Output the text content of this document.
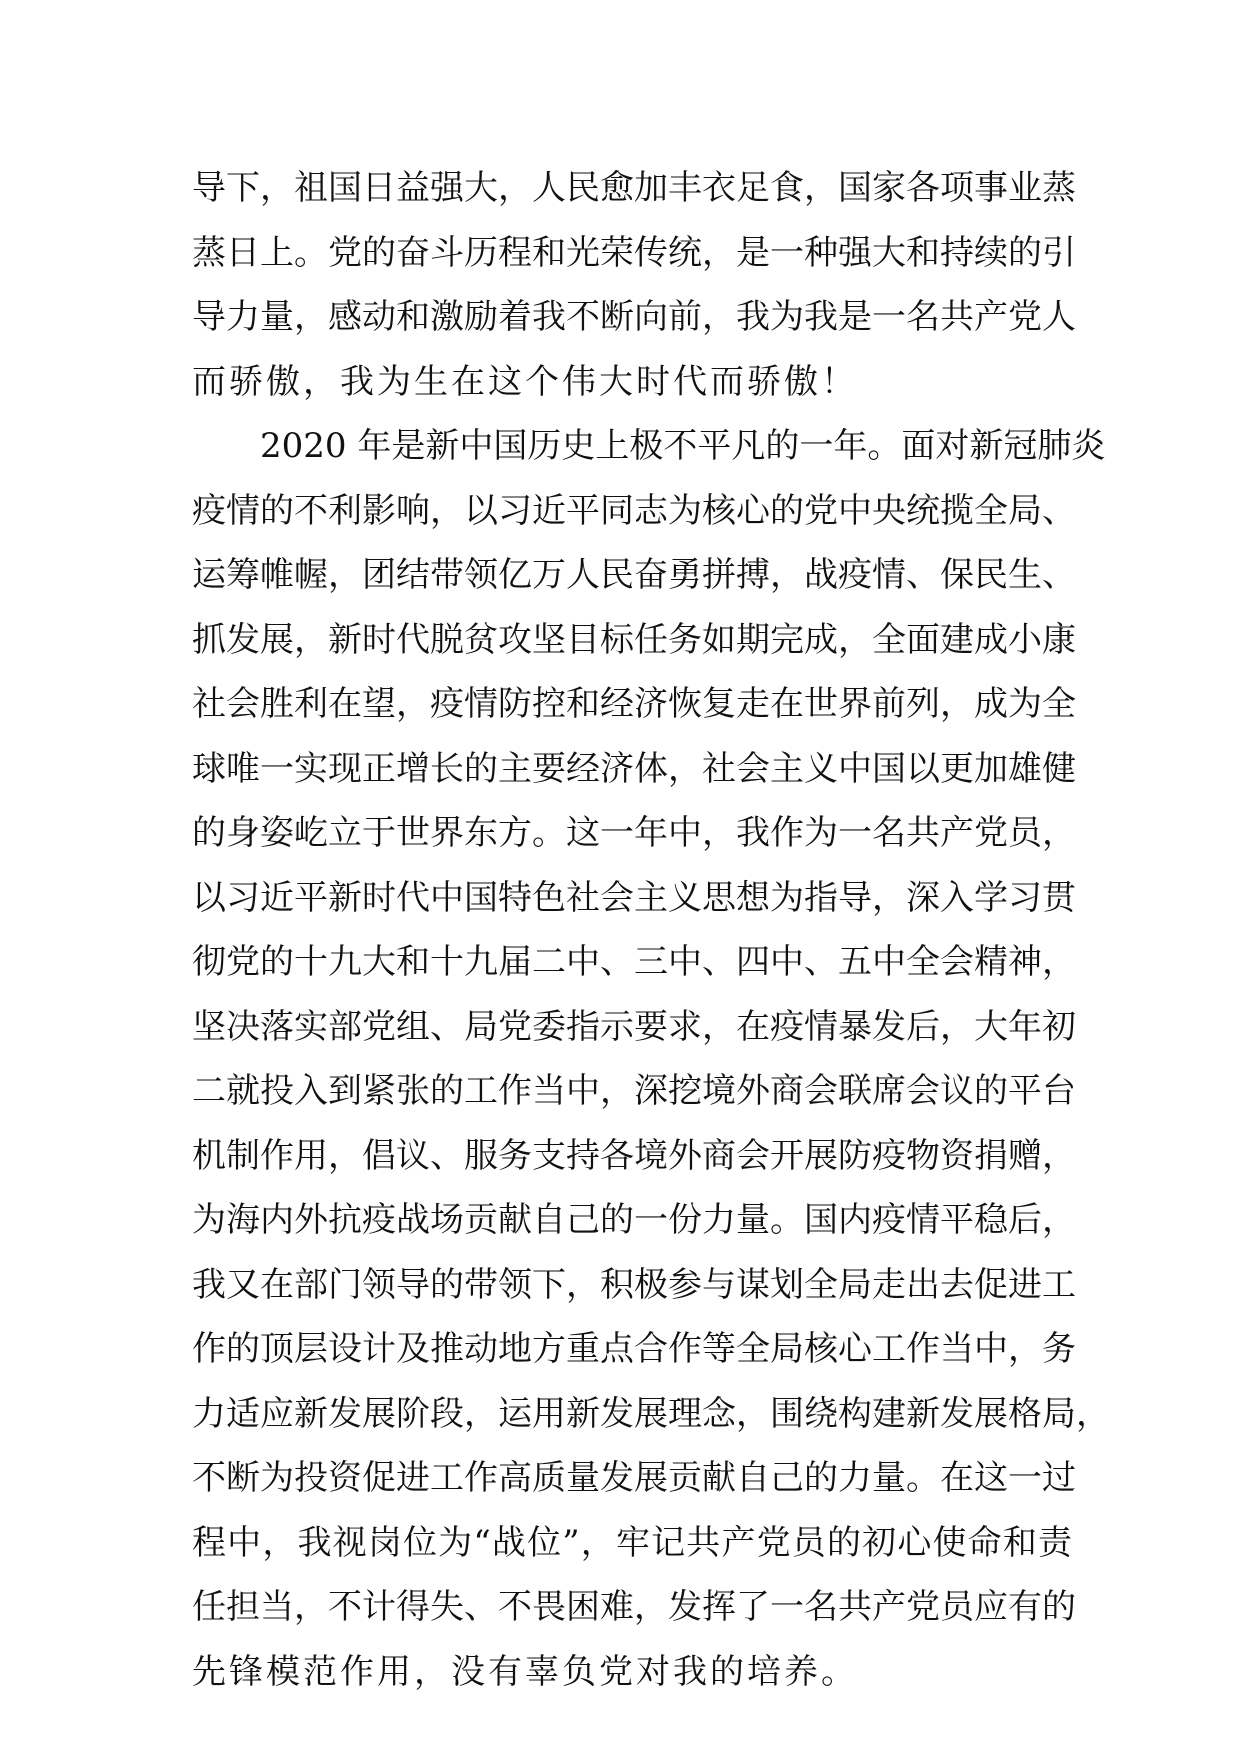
导下，祖国日益强大，人民愈加丰衣足食，国家各项事业蒸
蒸日上。党的奋斗历程和光荣传统，是一种强大和持续的引
导力量，感动和激励着我不断向前，我为我是一名共产党人
而骄傲，我为生在这个伟大时代而骄傲！
2020 年是新中国历史上极不平凡的一年。面对新冠肺炎
疫情的不利影响，以习近平同志为核心的党中央统揽全局、
运筹帷幄，团结带领亿万人民奋勇拼搏，战疫情、保民生、
抓发展，新时代脱贫攻坚目标任务如期完成，全面建成小康
社会胜利在望，疫情防控和经济恢复走在世界前列，成为全
球唯一实现正增长的主要经济体，社会主义中国以更加雄健
的身姿屹立于世界东方。这一年中，我作为一名共产党员，
以习近平新时代中国特色社会主义思想为指导，深入学习贯
彻党的十九大和十九届二中、三中、四中、五中全会精神，
坚决落实部党组、局党委指示要求，在疫情暴发后，大年初
二就投入到紧张的工作当中，深挖境外商会联席会议的平台
机制作用，倡议、服务支持各境外商会开展防疫物资捐赠，
为海内外抗疫战场贡献自己的一份力量。国内疫情平稳后，
我又在部门领导的带领下，积极参与谋划全局走出去促进工
作的顶层设计及推动地方重点合作等全局核心工作当中，务
力适应新发展阶段，运用新发展理念，围绕构建新发展格局，
不断为投资促进工作高质量发展贡献自己的力量。在这一过
程中，我视岗位为“战位”，牢记共产党员的初心使命和责
任担当，不计得失、不畏困难，发挥了一名共产党员应有的
先锋模范作用，没有辜负党对我的培养。
